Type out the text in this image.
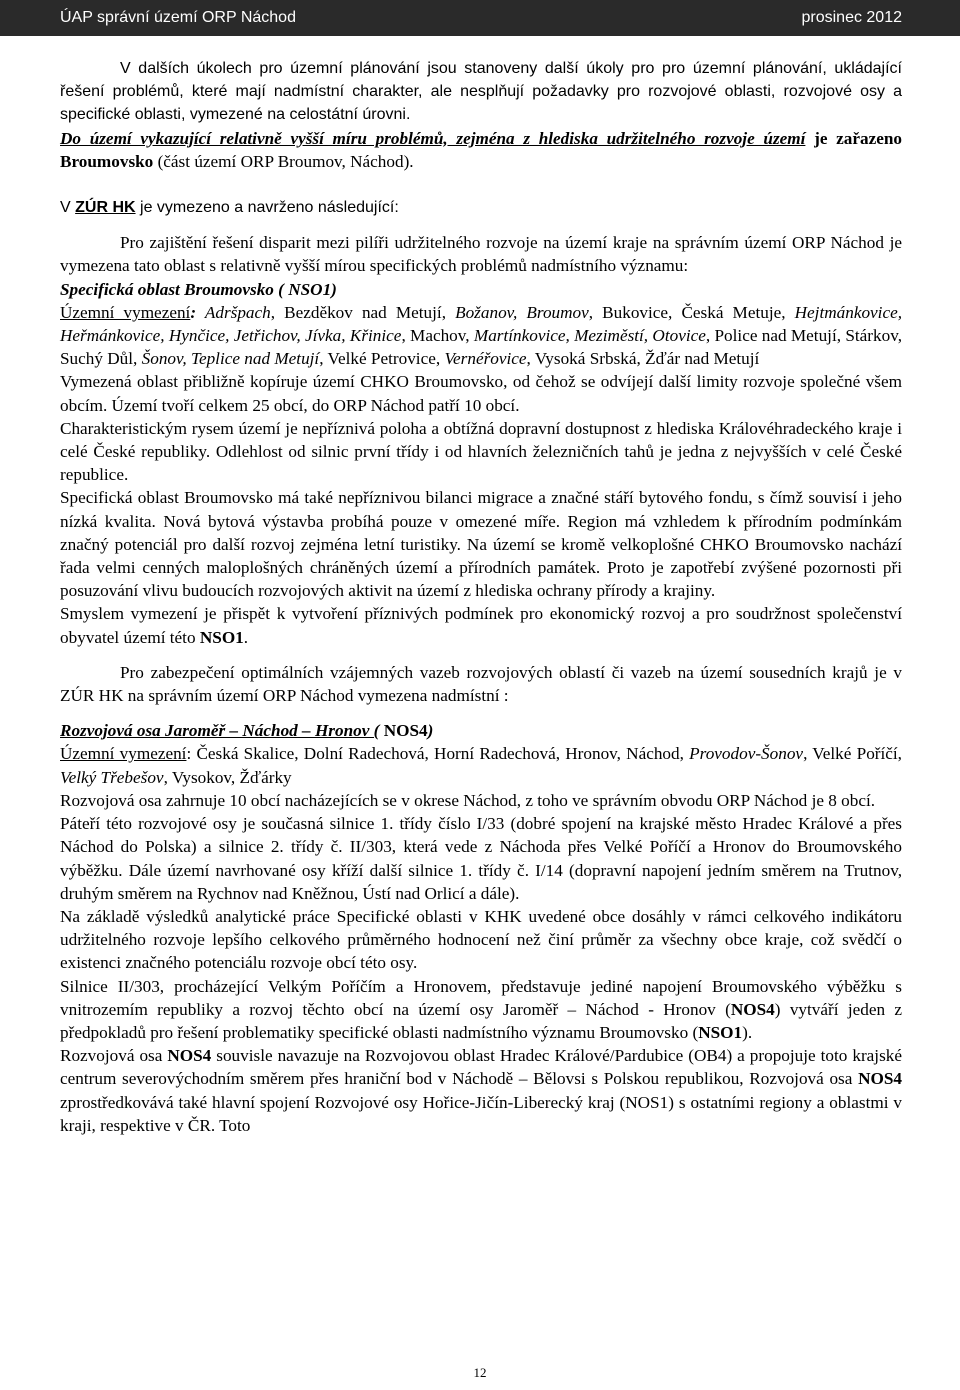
ÚAP správní území ORP Náchod	prosinec 2012

V dalších úkolech pro územní plánování jsou stanoveny další úkoly pro pro územní plánování, ukládající řešení problémů, které mají nadmístní charakter, ale nesplňují požadavky pro rozvojové oblasti, rozvojové osy a specifické oblasti, vymezené na celostátní úrovni.

Do území vykazující relativně vyšší míru problémů, zejména z hlediska udržitelného rozvoje území je zařazeno Broumovsko (část území ORP Broumov, Náchod).

V ZÚR HK je vymezeno a navrženo následující:

Pro zajištění řešení disparit mezi pilíři udržitelného rozvoje na území kraje na správním území ORP Náchod je vymezena tato oblast s relativně vyšší mírou specifických problémů nadmístního významu:

Specifická oblast Broumovsko ( NSO1)

Územní vymezení: Adršpach, Bezděkov nad Metují, Božanov, Broumov, Bukovice, Česká Metuje, Hejtmánkovice, Heřmánkovice, Hynčice, Jetřichov, Jívka, Křinice, Machov, Martínkovice, Meziměstí, Otovice, Police nad Metují, Stárkov, Suchý Důl, Šonov, Teplice nad Metují, Velké Petrovice, Vernéřovice, Vysoká Srbská, Žďár nad Metují

Vymezená oblast přibližně kopíruje území CHKO Broumovsko, od čehož se odvíjejí další limity rozvoje společné všem obcím. Území tvoří celkem 25 obcí, do ORP Náchod patří 10 obcí.

Charakteristickým rysem území je nepříznivá poloha a obtížná dopravní dostupnost z hlediska Královéhradeckého kraje i celé České republiky. Odlehlost od silnic první třídy i od hlavních železničních tahů je jedna z nejvyšších v celé České republice.

Specifická oblast Broumovsko má také nepříznivou bilanci migrace a značné stáří bytového fondu, s čímž souvisí i jeho nízká kvalita. Nová bytová výstavba probíhá pouze v omezené míře. Region má vzhledem k přírodním podmínkám značný potenciál pro další rozvoj zejména letní turistiky. Na území se kromě velkoplošné CHKO Broumovsko nachází řada velmi cenných maloplošných chráněných území a přírodních památek. Proto je zapotřebí zvýšené pozornosti při posuzování vlivu budoucích rozvojových aktivit na území z hlediska ochrany přírody a krajiny.

Smyslem vymezení je přispět k vytvoření příznivých podmínek pro ekonomický rozvoj a pro soudržnost společenství obyvatel území této NSO1.

Pro zabezpečení optimálních vzájemných vazeb rozvojových oblastí či vazeb na území sousedních krajů je v ZÚR HK na správním území ORP Náchod vymezena nadmístní :

Rozvojová osa Jaroměř – Náchod – Hronov ( NOS4)

Územní vymezení: Česká Skalice, Dolní Radechová, Horní Radechová, Hronov, Náchod, Provodov-Šonov, Velké Poříčí, Velký Třebešov, Vysokov, Žďárky

Rozvojová osa zahrnuje 10 obcí nacházejících se v okrese Náchod, z toho ve správním obvodu ORP Náchod je 8 obcí.

Páteří této rozvojové osy je současná silnice 1. třídy číslo I/33 (dobré spojení na krajské město Hradec Králové a přes Náchod do Polska) a silnice 2. třídy č. II/303, která vede z Náchoda přes Velké Poříčí a Hronov do Broumovského výběžku. Dále území navrhované osy kříží další silnice 1. třídy č. I/14 (dopravní napojení jedním směrem na Trutnov, druhým směrem na Rychnov nad Kněžnou, Ústí nad Orlicí a dále).

Na základě výsledků analytické práce Specifické oblasti v KHK uvedené obce dosáhly v rámci celkového indikátoru udržitelného rozvoje lepšího celkového průměrného hodnocení než činí průměr za všechny obce kraje, což svědčí o existenci značného potenciálu rozvoje obcí této osy.

Silnice II/303, procházející Velkým Poříčím a Hronovem, představuje jediné napojení Broumovského výběžku s vnitrozemím republiky a rozvoj těchto obcí na území osy Jaroměř – Náchod - Hronov (NOS4) vytváří jeden z předpokladů pro řešení problematiky specifické oblasti nadmístního významu Broumovsko (NSO1).

Rozvojová osa NOS4 souvisle navazuje na Rozvojovou oblast Hradec Králové/Pardubice (OB4) a propojuje toto krajské centrum severovýchodním směrem přes hraniční bod v Náchodě – Bělovsi s Polskou republikou, Rozvojová osa NOS4 zprostředkovává také hlavní spojení Rozvojové osy Hořice-Jičín-Liberecký kraj (NOS1) s ostatními regiony a oblastmi v kraji, respektive v ČR. Toto

12
